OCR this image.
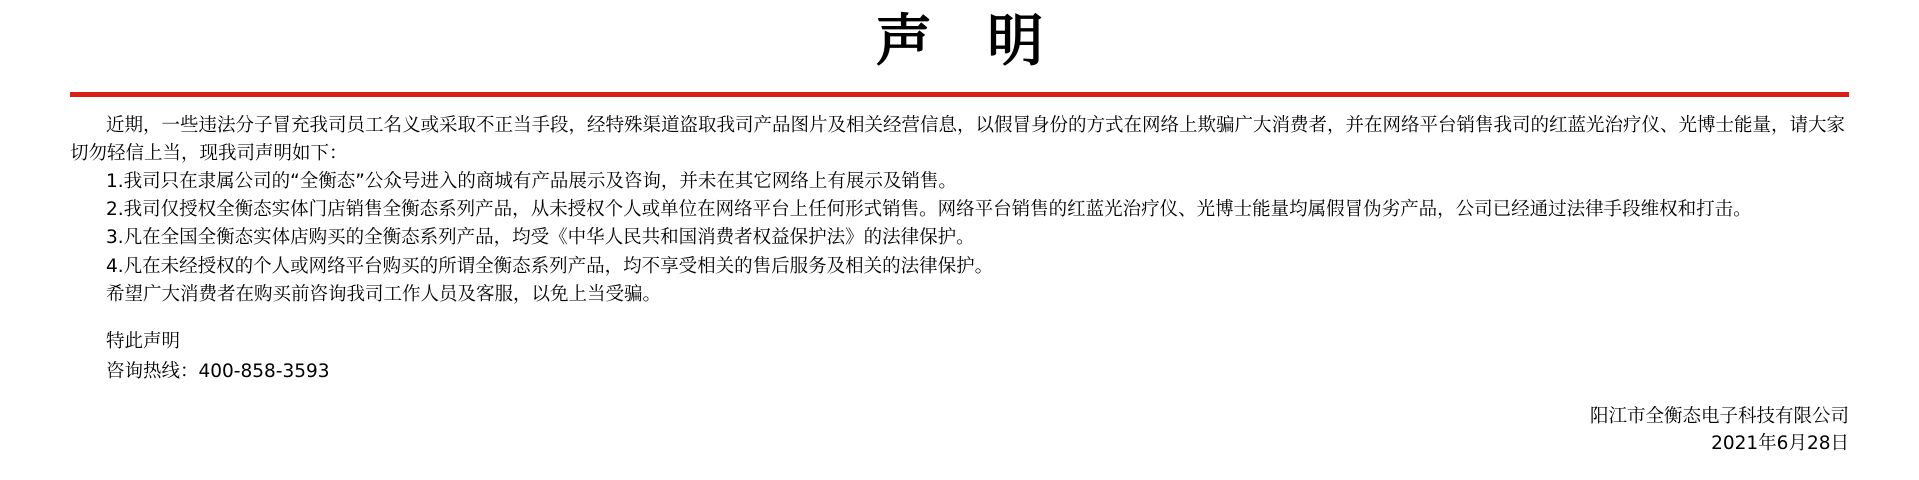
声 明

近期，一些违法分子冒充我司员工名义或采取不正当手段，经特殊渠道盗取我司产品图片及相关经营信息，以假冒身份的方式在网络上欺骗广大消费者，并在网络平台销售我司的红蓝光治疗仪、光博士能量，请大家切勿轻信上当，现我司声明如下：

1.我司只在隶属公司的“全衡态”公众号进入的商城有产品展示及咨询，并未在其它网络上有展示及销售。

2.我司仅授权全衡态实体门店销售全衡态系列产品，从未授权个人或单位在网络平台上任何形式销售。网络平台销售的红蓝光治疗仪、光博士能量均属假冒伪劣产品，公司已经通过法律手段维权和打击。

3.凡在全国全衡态实体店购买的全衡态系列产品，均受《中华人民共和国消费者权益保护法》的法律保护。

4.凡在未经授权的个人或网络平台购买的所谓全衡态系列产品，均不享受相关的售后服务及相关的法律保护。

希望广大消费者在购买前咨询我司工作人员及客服，以免上当受骗。

特此声明
咨询热线：400-858-3593
阳江市全衡态电子科技有限公司
2021年6月28日
